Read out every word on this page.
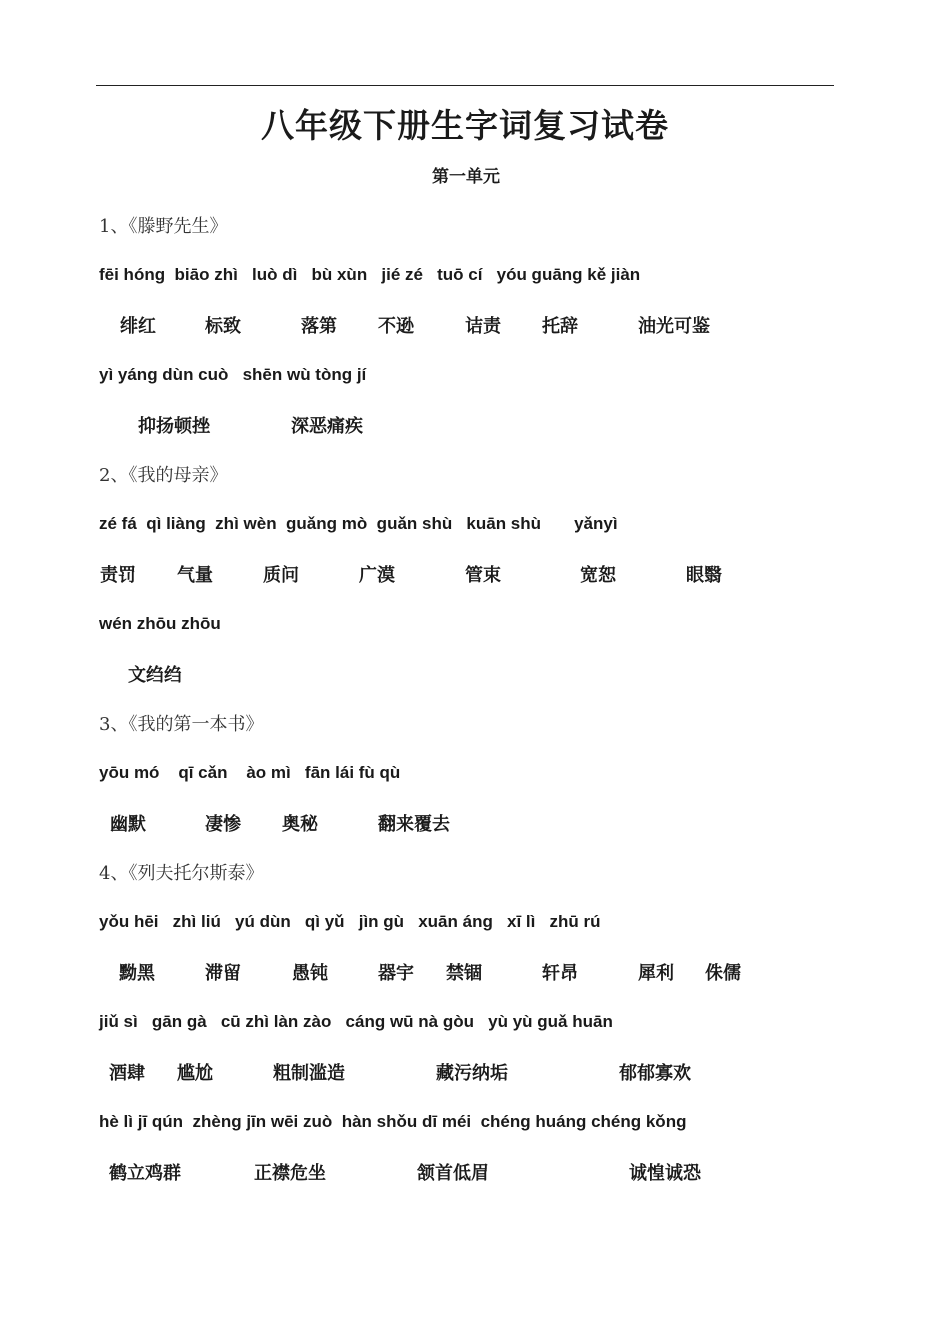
八年级下册生字词复习试卷
第一单元
1、《滕野先生》
fēi hóng  biāo zhì   luò dì   bù xùn   jié zé   tuō cí   yóu guāng kě jiàn
绯红	标致	落第 不逊	诘责 托辞	油光可鉴
yì yáng dùn cuò   shēn wù tòng jí
抑扬顿挫	深恶痛疾
2、《我的母亲》
zé fá  qì liàng  zhì wèn  guǎng mò  guǎn shù   kuān shù       yǎnyì
责罚 气量	质问	广漠	管束	宽恕	眼翳
wén zhōu zhōu
文绉绉
3、《我的第一本书》
yōu mó    qī cǎn    ào mì   fān lái fù qù
幽默	凄惨 奥秘	翻来覆去
4、《列夫托尔斯泰》
yǒu hēi   zhì liú   yú dùn   qì yǔ   jìn gù   xuān áng   xī lì   zhū rú
黝黑	滞留	愚钝	器宇 禁锢	轩昂	犀利 侏儒
jiǔ sì   gān gà   cū zhì làn zào   cáng wū nà gòu   yù yù guǎ huān
酒肆 尴尬	粗制滥造	藏污纳垢	郁郁寡欢
hè lì jī qún  zhèng jīn wēi zuò  hàn shǒu dī méi  chéng huáng chéng kǒng
鹤立鸡群	正襟危坐	颔首低眉	诚惶诚恐
